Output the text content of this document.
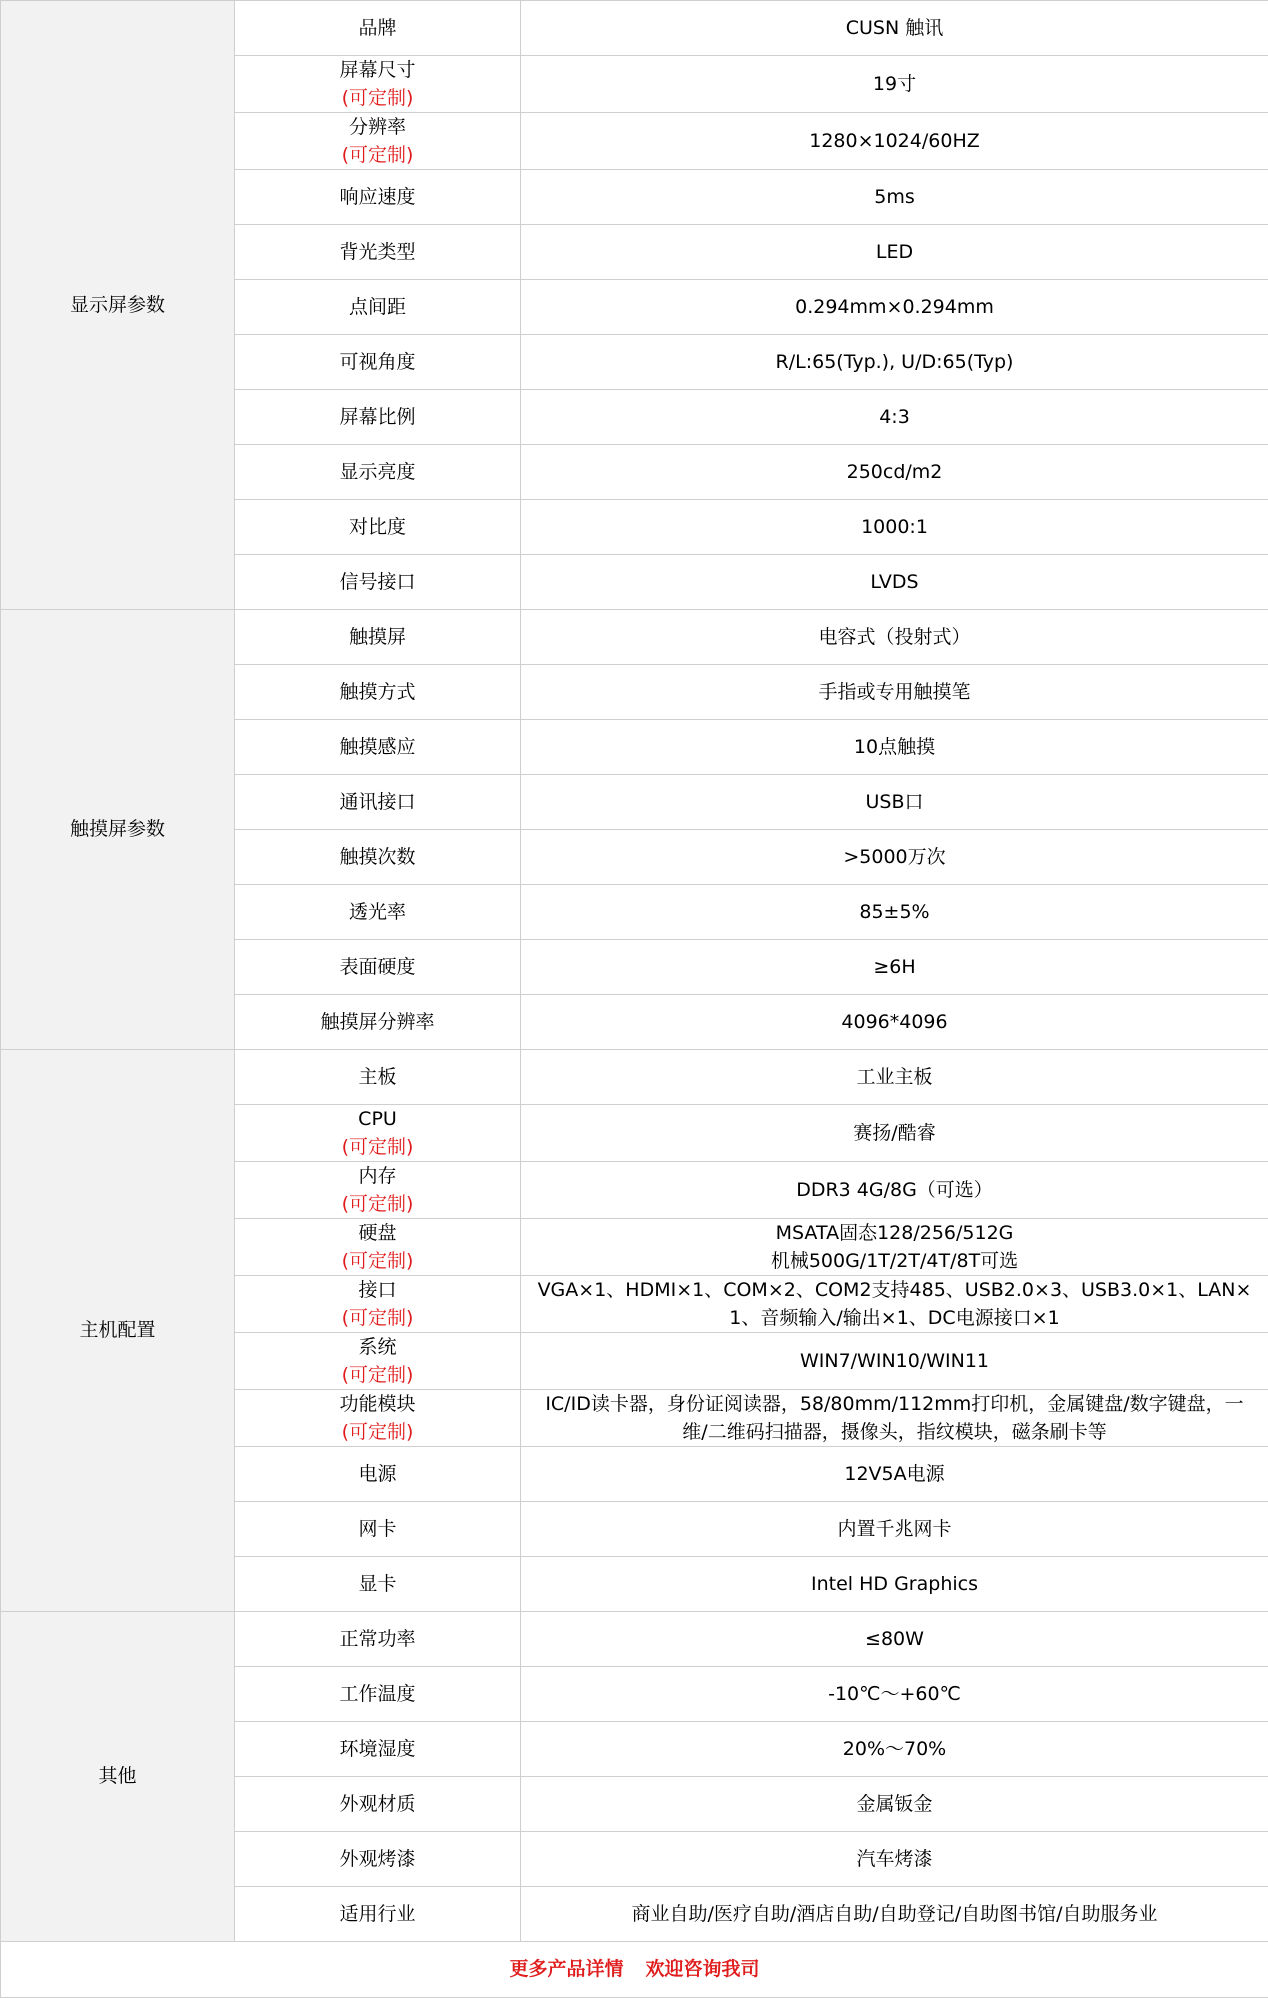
显示屏参数	品牌	CUSN 触讯

	屏幕尺寸
(可定制)	19寸

	分辨率
(可定制)	1280×1024/60HZ
	响应速度	5ms
	背光类型	LED
	点间距	0.294mm×0.294mm
	可视角度	R/L:65(Typ.), U/D:65(Typ)
	屏幕比例	4:3
	显示亮度	250cd/m2
	对比度	1000:1
	信号接口	LVDS
触摸屏参数	触摸屏	电容式（投射式）
	触摸方式	手指或专用触摸笔
	触摸感应	10点触摸
	通讯接口	USB口
	触摸次数	>5000万次
	透光率	85±5%
	表面硬度	≥6H
	触摸屏分辨率	4096*4096
主机配置	主板	工业主板

	CPU
(可定制)	赛扬/酷睿

	内存
(可定制)	DDR3 4G/8G（可选）

	硬盘
(可定制)	MSATA固态128/256/512G
机械500G/1T/2T/4T/8T可选

	接口
(可定制)	VGA×1、HDMI×1、COM×2、COM2支持485、USB2.0×3、USB3.0×1、LAN×
1、音频输入/输出×1、DC电源接口×1

	系统
(可定制)	WIN7/WIN10/WIN11

	功能模块
(可定制)	IC/ID读卡器，身份证阅读器，58/80mm/112mm打印机，金属键盘/数字键盘，一
维/二维码扫描器，摄像头，指纹模块，磁条刷卡等

	电源	12V5A电源
	网卡	内置千兆网卡
	显卡	Intel HD Graphics
其他	正常功率	≤80W
	工作温度	-10℃～+60℃
	环境湿度	20%～70%
	外观材质	金属钣金
	外观烤漆	汽车烤漆
	适用行业	商业自助/医疗自助/酒店自助/自助登记/自助图书馆/自助服务业
更多产品详情 欢迎咨询我司		
